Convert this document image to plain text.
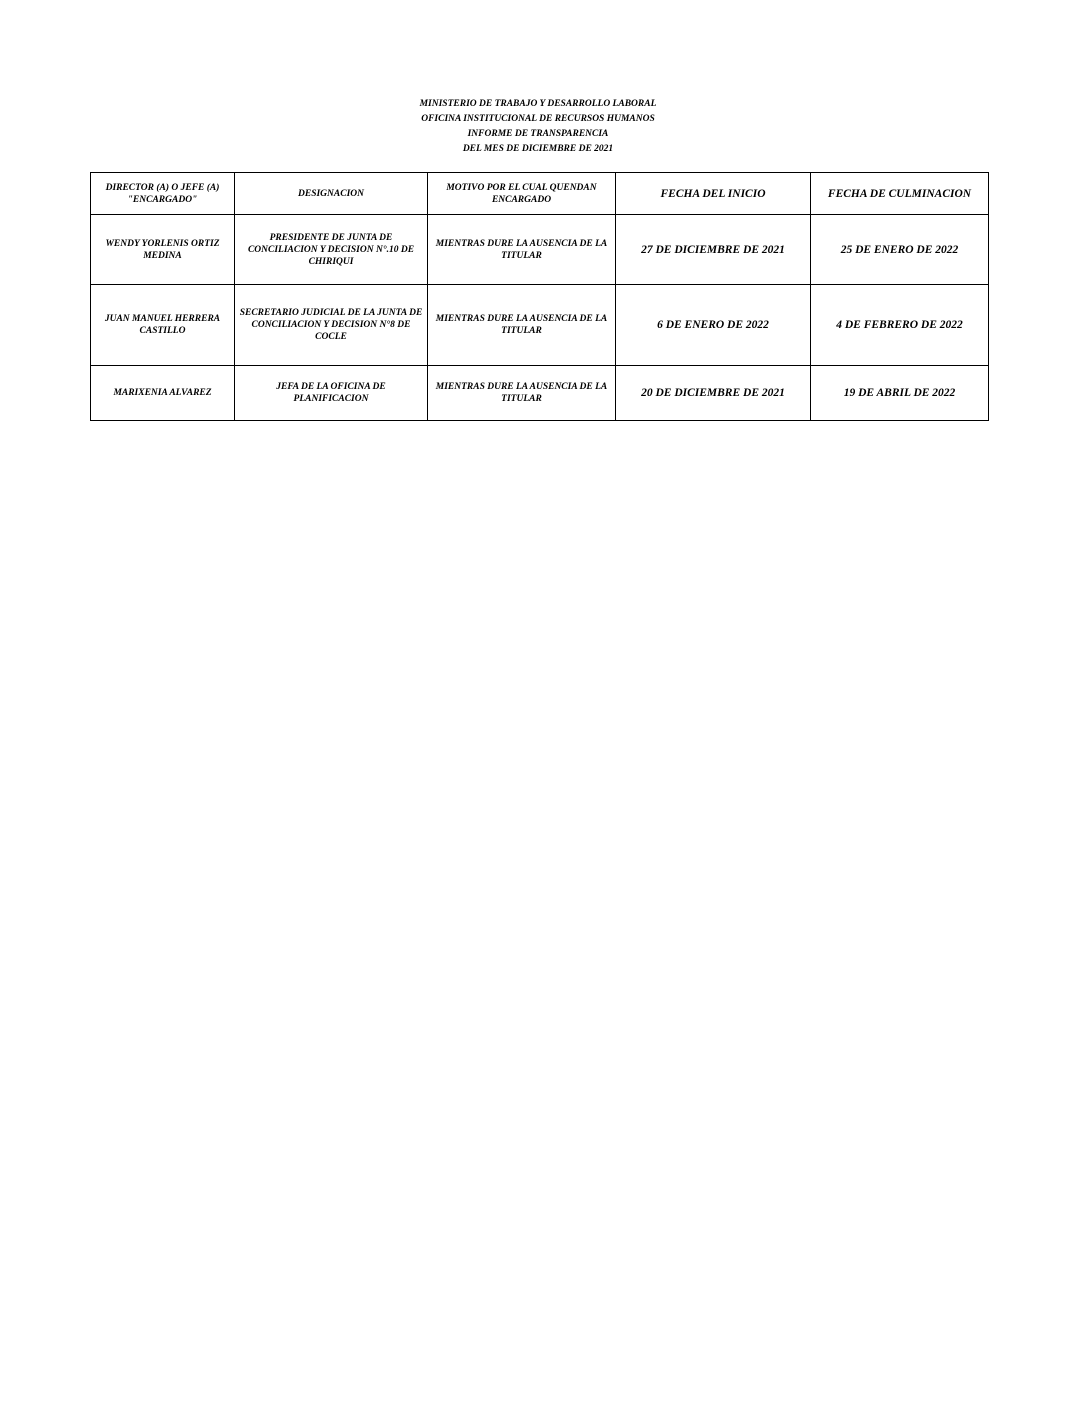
MINISTERIO DE TRABAJO Y DESARROLLO LABORAL
OFICINA INSTITUCIONAL DE RECURSOS HUMANOS
INFORME DE TRANSPARENCIA
DEL MES DE DICIEMBRE DE 2021
DIRECTOR (A) O JEFE (A) "ENCARGADO"	DESIGNACION	MOTIVO POR EL CUAL QUENDAN ENCARGADO	FECHA DEL INICIO	FECHA DE CULMINACION
WENDY YORLENIS ORTIZ MEDINA	PRESIDENTE DE JUNTA DE CONCILIACION Y DECISION N°.10 DE CHIRIQUI	MIENTRAS DURE LA AUSENCIA DE LA TITULAR	27 DE DICIEMBRE DE 2021	25 DE ENERO DE 2022
JUAN MANUEL HERRERA CASTILLO	SECRETARIO JUDICIAL DE LA JUNTA DE CONCILIACION Y DECISION N°8 DE COCLE	MIENTRAS DURE LA AUSENCIA DE LA TITULAR	6 DE ENERO DE 2022	4 DE FEBRERO DE 2022
MARIXENIA ALVAREZ	JEFA DE LA OFICINA DE PLANIFICACION	MIENTRAS DURE LA AUSENCIA DE LA TITULAR	20 DE DICIEMBRE DE 2021	19 DE ABRIL DE 2022
